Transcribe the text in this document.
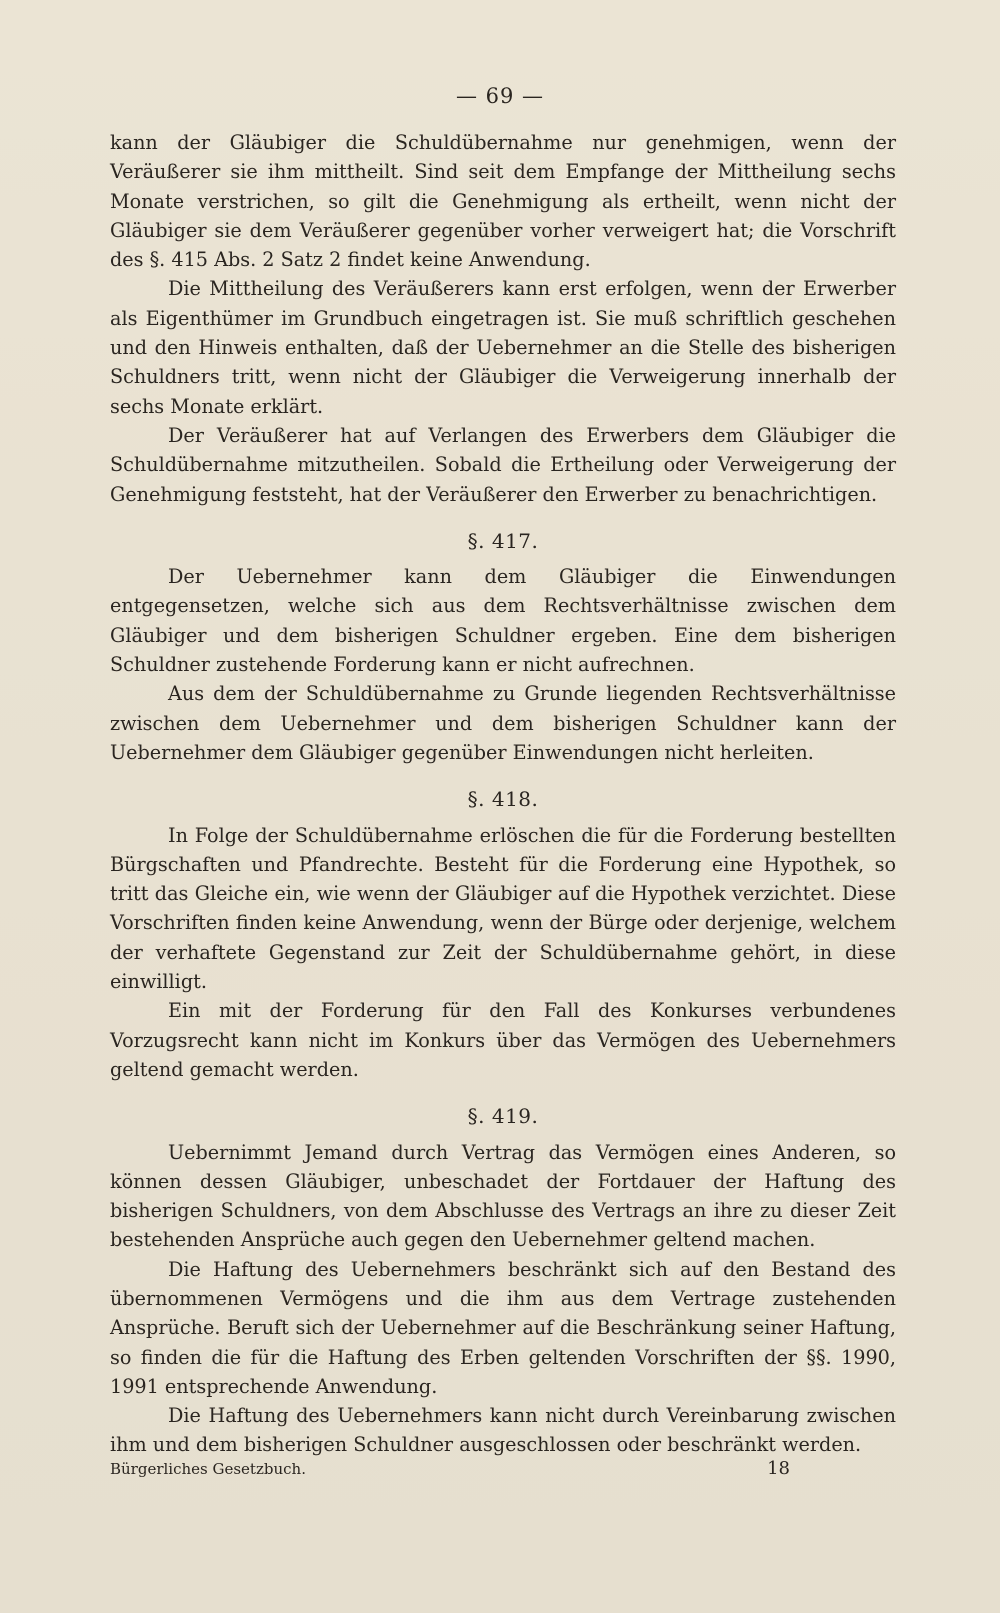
— 69 —

kann der Gläubiger die Schuldübernahme nur genehmigen, wenn der Veräußerer sie ihm mittheilt. Sind seit dem Empfange der Mittheilung sechs Monate verstrichen, so gilt die Genehmigung als ertheilt, wenn nicht der Gläubiger sie dem Veräußerer gegenüber vorher verweigert hat; die Vorschrift des §. 415 Abs. 2 Satz 2 findet keine Anwendung.

Die Mittheilung des Veräußerers kann erst erfolgen, wenn der Erwerber als Eigenthümer im Grundbuch eingetragen ist. Sie muß schriftlich geschehen und den Hinweis enthalten, daß der Uebernehmer an die Stelle des bisherigen Schuldners tritt, wenn nicht der Gläubiger die Verweigerung innerhalb der sechs Monate erklärt.

Der Veräußerer hat auf Verlangen des Erwerbers dem Gläubiger die Schuldübernahme mitzutheilen. Sobald die Ertheilung oder Verweigerung der Genehmigung feststeht, hat der Veräußerer den Erwerber zu benachrichtigen.

§. 417.

Der Uebernehmer kann dem Gläubiger die Einwendungen entgegensetzen, welche sich aus dem Rechtsverhältnisse zwischen dem Gläubiger und dem bisherigen Schuldner ergeben. Eine dem bisherigen Schuldner zustehende Forderung kann er nicht aufrechnen.

Aus dem der Schuldübernahme zu Grunde liegenden Rechtsverhältnisse zwischen dem Uebernehmer und dem bisherigen Schuldner kann der Uebernehmer dem Gläubiger gegenüber Einwendungen nicht herleiten.

§. 418.

In Folge der Schuldübernahme erlöschen die für die Forderung bestellten Bürgschaften und Pfandrechte. Besteht für die Forderung eine Hypothek, so tritt das Gleiche ein, wie wenn der Gläubiger auf die Hypothek verzichtet. Diese Vorschriften finden keine Anwendung, wenn der Bürge oder derjenige, welchem der verhaftete Gegenstand zur Zeit der Schuldübernahme gehört, in diese einwilligt.

Ein mit der Forderung für den Fall des Konkurses verbundenes Vorzugsrecht kann nicht im Konkurs über das Vermögen des Uebernehmers geltend gemacht werden.

§. 419.

Uebernimmt Jemand durch Vertrag das Vermögen eines Anderen, so können dessen Gläubiger, unbeschadet der Fortdauer der Haftung des bisherigen Schuldners, von dem Abschlusse des Vertrags an ihre zu dieser Zeit bestehenden Ansprüche auch gegen den Uebernehmer geltend machen.

Die Haftung des Uebernehmers beschränkt sich auf den Bestand des übernommenen Vermögens und die ihm aus dem Vertrage zustehenden Ansprüche. Beruft sich der Uebernehmer auf die Beschränkung seiner Haftung, so finden die für die Haftung des Erben geltenden Vorschriften der §§. 1990, 1991 entsprechende Anwendung.

Die Haftung des Uebernehmers kann nicht durch Vereinbarung zwischen ihm und dem bisherigen Schuldner ausgeschlossen oder beschränkt werden.

Bürgerliches Gesetzbuch.	18
